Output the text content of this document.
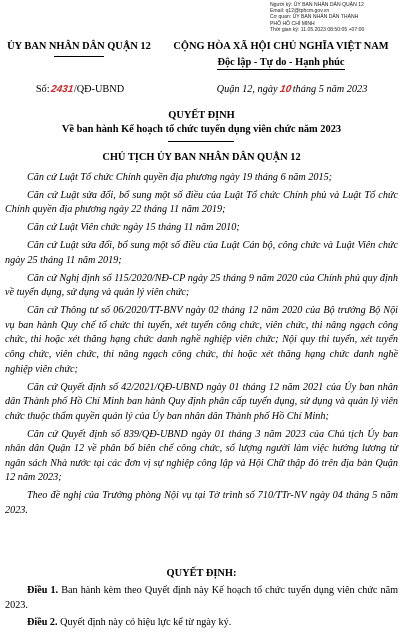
Người ký: ỦY BAN NHÂN DÂN QUẬN 12
Email: q12@tphcm.gov.vn
Cơ quan: ỦY BAN NHÂN DÂN THÀNH
PHỐ HỒ CHÍ MINH
Thời gian ký: 11.05.2023 08:50:05 +07:00
ỦY BAN NHÂN DÂN QUẬN 12	CỘNG HÒA XÃ HỘI CHỦ NGHĨA VIỆT NAM
Độc lập - Tự do - Hạnh phúc
Số:2431/QĐ-UBND	Quận 12, ngày10tháng 5 năm 2023
QUYẾT ĐỊNH
Về ban hành Kế hoạch tổ chức tuyển dụng viên chức năm 2023
CHỦ TỊCH ỦY BAN NHÂN DÂN QUẬN 12

Căn cứ Luật Tổ chức Chính quyền địa phương ngày 19 tháng 6 năm 2015;

Căn cứ Luật sửa đổi, bổ sung một số điều của Luật Tổ chức Chính phủ và Luật Tổ chức Chính quyền địa phương ngày 22 tháng 11 năm 2019;

Căn cứ Luật Viên chức ngày 15 tháng 11 năm 2010;

Căn cứ Luật sửa đổi, bổ sung một số điều của Luật Cán bộ, công chức và Luật Viên chức ngày 25 tháng 11 năm 2019;

Căn cứ Nghị định số 115/2020/NĐ-CP ngày 25 tháng 9 năm 2020 của Chính phủ quy định về tuyển dụng, sử dụng và quản lý viên chức;

Căn cứ Thông tư số 06/2020/TT-BNV ngày 02 tháng 12 năm 2020 của Bộ trưởng Bộ Nội vụ ban hành Quy chế tổ chức thi tuyển, xét tuyển công chức, viên chức, thi nâng ngạch công chức, thi hoặc xét thăng hạng chức danh nghề nghiệp viên chức; Nội quy thi tuyển, xét tuyển công chức, viên chức, thi nâng ngạch công chức, thi hoặc xét thăng hạng chức danh nghề nghiệp viên chức;

Căn cứ Quyết định số 42/2021/QĐ-UBND ngày 01 tháng 12 năm 2021 của Ủy ban nhân dân Thành phố Hồ Chí Minh ban hành Quy định phân cấp tuyển dụng, sử dụng và quản lý viên chức thuộc thẩm quyền quản lý của Ủy ban nhân dân Thành phố Hồ Chí Minh;

Căn cứ Quyết định số 839/QĐ-UBND ngày 01 tháng 3 năm 2023 của Chủ tịch Ủy ban nhân dân Quận 12 về phân bổ biên chế công chức, số lượng người làm việc hưởng lương từ ngân sách Nhà nước tại các đơn vị sự nghiệp công lập và Hội Chữ thập đỏ trên địa bàn Quận 12 năm 2023;

Theo đề nghị của Trưởng phòng Nội vụ tại Tờ trình số 710/TTr-NV ngày 04 tháng 5 năm 2023.

QUYẾT ĐỊNH:

Điều 1. Ban hành kèm theo Quyết định này Kế hoạch tổ chức tuyển dụng viên chức năm 2023.

Điều 2. Quyết định này có hiệu lực kể từ ngày ký.
